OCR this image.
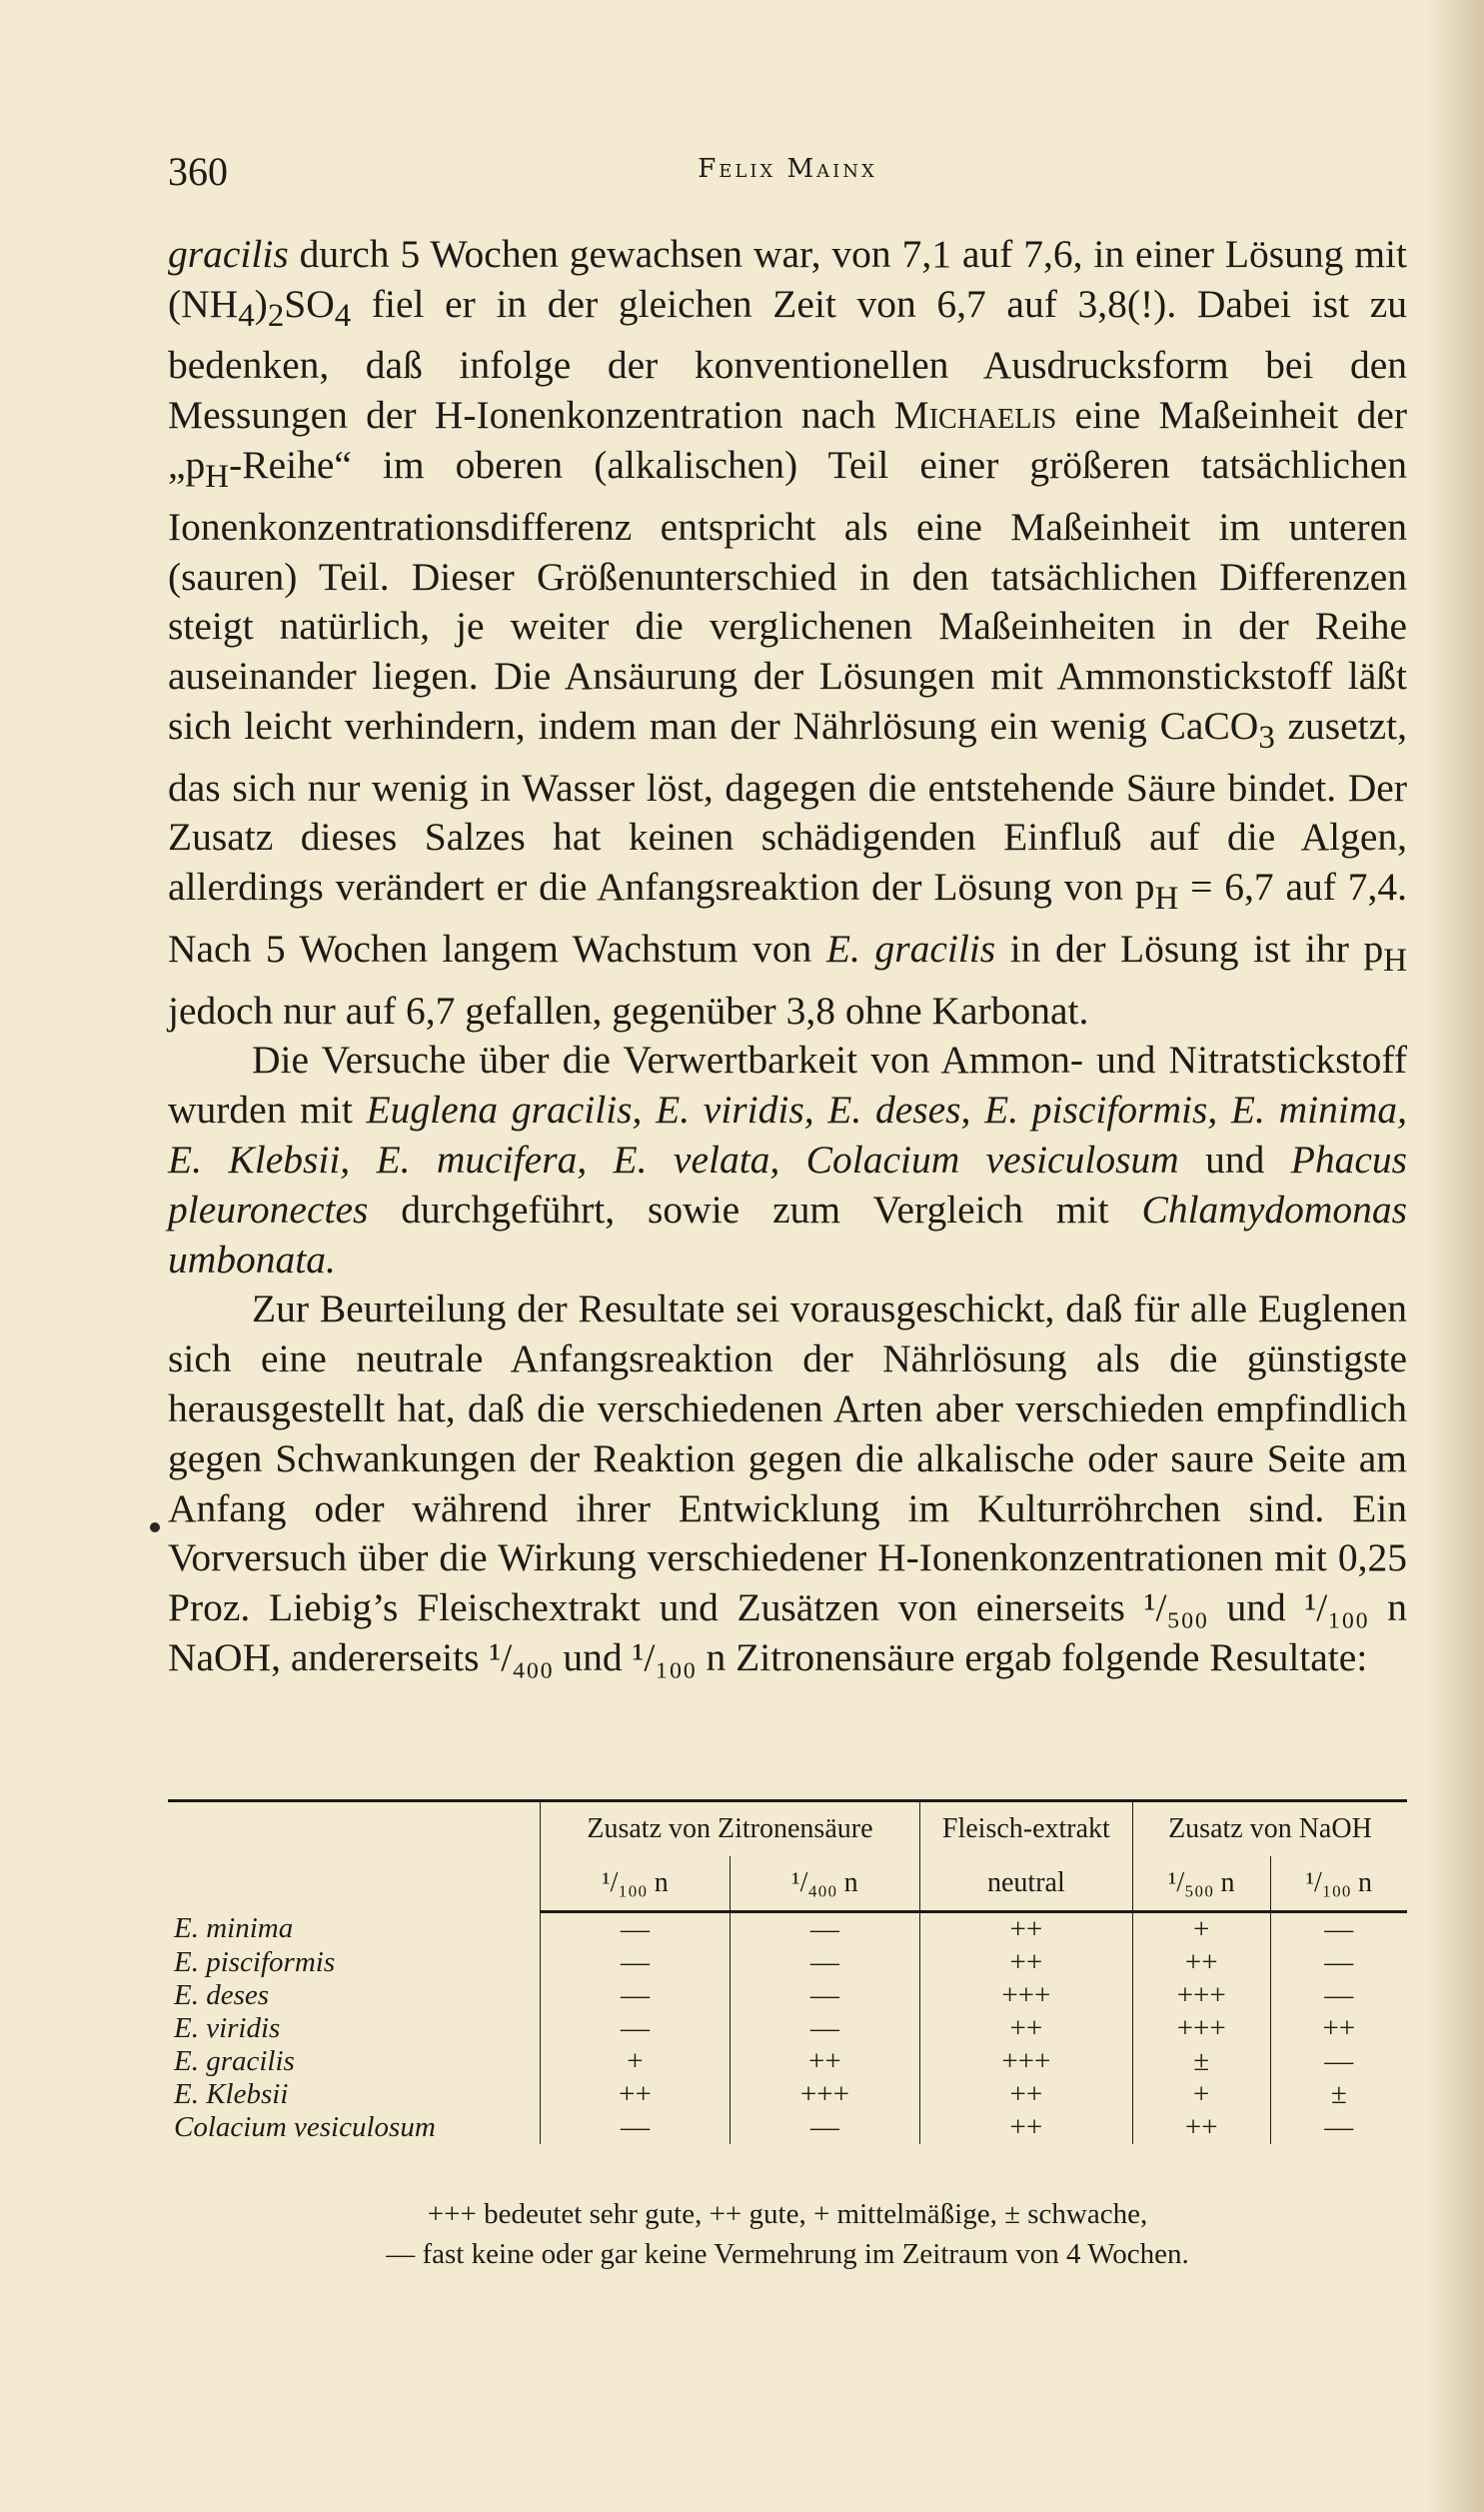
360	Felix Mainx

gracilis durch 5 Wochen gewachsen war, von 7,1 auf 7,6, in einer Lösung mit $(NH_4)_2SO_4$ fiel er in der gleichen Zeit von 6,7 auf 3,8(!). Dabei ist zu bedenken, daß infolge der konventionellen Ausdrucksform bei den Messungen der H-Ionenkonzentration nach Michaelis eine Maßeinheit der $„p_H-Reihe“$ im oberen (alkalischen) Teil einer größeren tatsächlichen Ionenkonzentrationsdifferenz entspricht als eine Maßeinheit im unteren (sauren) Teil. Dieser Größenunterschied in den tatsächlichen Differenzen steigt natürlich, je weiter die verglichenen Maßeinheiten in der Reihe auseinander liegen. Die Ansäurung der Lösungen mit Ammonstickstoff läßt sich leicht verhindern, indem man der Nährlösung ein wenig CaCO$_3$ zusetzt, das sich nur wenig in Wasser löst, dagegen die entstehende Säure bindet. Der Zusatz dieses Salzes hat keinen schädigenden Einfluß auf die Algen, allerdings verändert er die Anfangsreaktion der Lösung von $p_H = 6,7$ auf 7,4. Nach 5 Wochen langem Wachstum von E. gracilis in der Lösung ist ihr $p_H$ jedoch nur auf 6,7 gefallen, gegenüber 3,8 ohne Karbonat.

Die Versuche über die Verwertbarkeit von Ammon- und Nitratstickstoff wurden mit Euglena gracilis, E. viridis, E. deses, E. pisciformis, E. minima, E. Klebsii, E. mucifera, E. velata, Colacium vesiculosum und Phacus pleuronectes durchgeführt, sowie zum Vergleich mit Chlamydomonas umbonata.

Zur Beurteilung der Resultate sei vorausgeschickt, daß für alle Euglenen sich eine neutrale Anfangsreaktion der Nährlösung als die günstigste herausgestellt hat, daß die verschiedenen Arten aber verschieden empfindlich gegen Schwankungen der Reaktion gegen die alkalische oder saure Seite am Anfang oder während ihrer Entwicklung im Kulturröhrchen sind. Ein Vorversuch über die Wirkung verschiedener H-Ionenkonzentrationen mit 0,25 Proz. Liebig’s Fleischextrakt und Zusätzen von einerseits ¹/₅₀₀ und ¹/₁₀₀ n NaOH, andererseits ¹/₄₀₀ und ¹/₁₀₀ n Zitronensäure ergab folgende Resultate:

	Zusatz von Zitronensäure		Fleisch-extrakt	Zusatz von NaOH	
	¹/₁₀₀ n	¹/₄₀₀ n	neutral	¹/₅₀₀ n	¹/₁₀₀ n
E. minima	—	—	++	+	—
E. pisciformis	—	—	++	++	—
E. deses	—	—	+++	+++	—
E. viridis	—	—	++	+++	++
E. gracilis	+	++	+++	±	—
E. Klebsii	++	+++	++	+	±
Colacium vesiculosum	—	—	++	++	—
+++ bedeutet sehr gute, ++ gute, + mittelmäßige, ± schwache,
— fast keine oder gar keine Vermehrung im Zeitraum von 4 Wochen.
